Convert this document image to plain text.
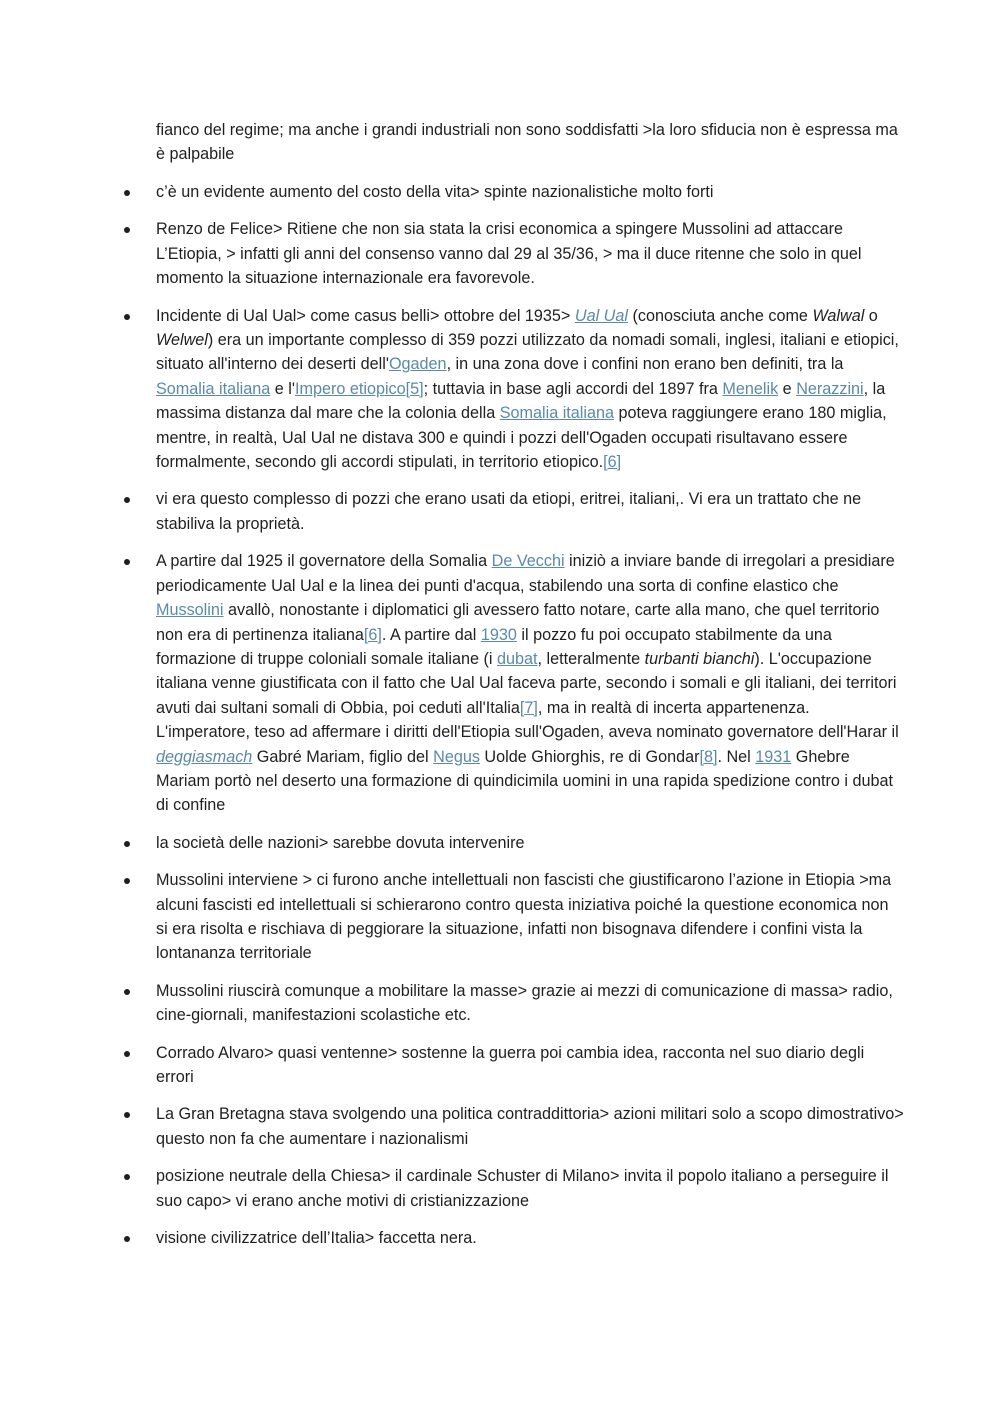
fianco del regime; ma anche i grandi industriali non sono soddisfatti >la loro sfiducia non è espressa ma è palpabile

c’è un evidente aumento del costo della vita> spinte nazionalistiche molto forti
Renzo de Felice> Ritiene che non sia stata la crisi economica a spingere Mussolini ad attaccare L’Etiopia, > infatti gli anni del consenso vanno dal 29 al 35/36, > ma il duce ritenne che solo in quel momento la situazione internazionale era favorevole.
Incidente di Ual Ual> come casus belli> ottobre del 1935> Ual Ual (conosciuta anche come Walwal o Welwel) era un importante complesso di 359 pozzi utilizzato da nomadi somali, inglesi, italiani e etiopici, situato all'interno dei deserti dell'Ogaden, in una zona dove i confini non erano ben definiti, tra la Somalia italiana e l'Impero etiopico[5]; tuttavia in base agli accordi del 1897 fra Menelik e Nerazzini, la massima distanza dal mare che la colonia della Somalia italiana poteva raggiungere erano 180 miglia, mentre, in realtà, Ual Ual ne distava 300 e quindi i pozzi dell'Ogaden occupati risultavano essere formalmente, secondo gli accordi stipulati, in territorio etiopico.[6]
vi era questo complesso di pozzi che erano usati da etiopi, eritrei, italiani,. Vi era un trattato che ne stabiliva la proprietà.
A partire dal 1925 il governatore della Somalia De Vecchi iniziò a inviare bande di irregolari a presidiare periodicamente Ual Ual e la linea dei punti d'acqua, stabilendo una sorta di confine elastico che Mussolini avallò, nonostante i diplomatici gli avessero fatto notare, carte alla mano, che quel territorio non era di pertinenza italiana[6]. A partire dal 1930 il pozzo fu poi occupato stabilmente da una formazione di truppe coloniali somale italiane (i dubat, letteralmente turbanti bianchi). L'occupazione italiana venne giustificata con il fatto che Ual Ual faceva parte, secondo i somali e gli italiani, dei territori avuti dai sultani somali di Obbia, poi ceduti all'Italia[7], ma in realtà di incerta appartenenza. L'imperatore, teso ad affermare i diritti dell'Etiopia sull'Ogaden, aveva nominato governatore dell'Harar il deggiasmach Gabré Mariam, figlio del Negus Uolde Ghiorghis, re di Gondar[8]. Nel 1931 Ghebre Mariam portò nel deserto una formazione di quindicimila uomini in una rapida spedizione contro i dubat di confine
la società delle nazioni> sarebbe dovuta intervenire
Mussolini interviene > ci furono anche intellettuali non fascisti che giustificarono l’azione in Etiopia >ma alcuni fascisti ed intellettuali si schierarono contro questa iniziativa poiché la questione economica non si era risolta e rischiava di peggiorare la situazione, infatti non bisognava difendere i confini vista la lontananza territoriale
Mussolini riuscirà comunque a mobilitare la masse> grazie ai mezzi di comunicazione di massa> radio, cine-giornali, manifestazioni scolastiche etc.
Corrado Alvaro> quasi ventenne> sostenne la guerra poi cambia idea, racconta nel suo diario degli errori
La Gran Bretagna stava svolgendo una politica contraddittoria> azioni militari solo a scopo dimostrativo> questo non fa che aumentare i nazionalismi
posizione neutrale della Chiesa> il cardinale Schuster di Milano> invita il popolo italiano a perseguire il suo capo> vi erano anche motivi di cristianizzazione
visione civilizzatrice dell’Italia> faccetta nera.
